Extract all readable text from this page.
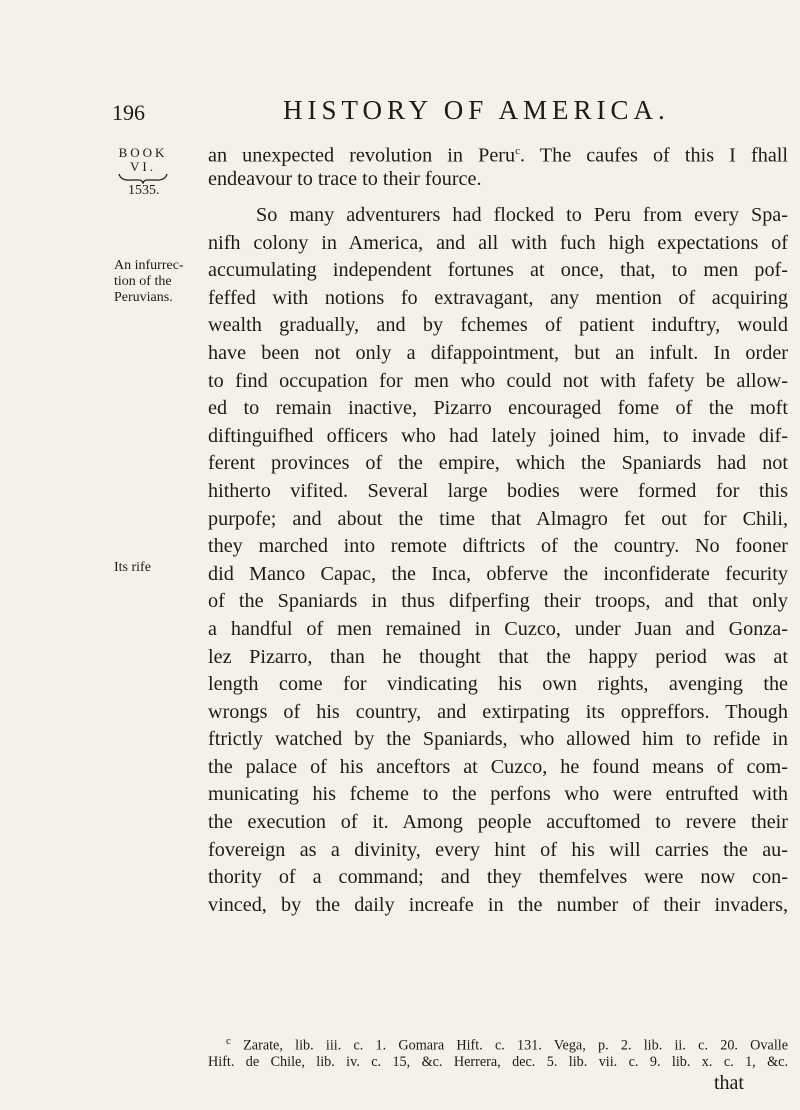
196	HISTORY OF AMERICA.
BOOK VI.
1535.
An infurrec-tion of the Peruvians.
Its rife
an unexpected revolution in Peru$^c$. The caufes of this I fhall
endeavour to trace to their fource.
So many adventurers had flocked to Peru from every Spa-
nifh colony in America, and all with fuch high expectations of
accumulating independent fortunes at once, that, to men pof-
feffed with notions fo extravagant, any mention of acquiring
wealth gradually, and by fchemes of patient induftry, would
have been not only a difappointment, but an infult. In order
to find occupation for men who could not with fafety be allow-
ed to remain inactive, Pizarro encouraged fome of the moft
diftinguifhed officers who had lately joined him, to invade dif-
ferent provinces of the empire, which the Spaniards had not
hitherto vifited. Several large bodies were formed for this
purpofe; and about the time that Almagro fet out for Chili,
they marched into remote diftricts of the country. No fooner
did Manco Capac, the Inca, obferve the inconfiderate fecurity
of the Spaniards in thus difperfing their troops, and that only
a handful of men remained in Cuzco, under Juan and Gonza-
lez Pizarro, than he thought that the happy period was at
length come for vindicating his own rights, avenging the
wrongs of his country, and extirpating its oppreffors. Though
ftrictly watched by the Spaniards, who allowed him to refide in
the palace of his anceftors at Cuzco, he found means of com-
municating his fcheme to the perfons who were entrufted with
the execution of it. Among people accuftomed to revere their
fovereign as a divinity, every hint of his will carries the au-
thority of a command; and they themfelves were now con-
vinced, by the daily increafe in the number of their invaders,
$^c$ Zarate, lib. iii. c. 1. Gomara Hift. c. 131. Vega, p. 2. lib. ii. c. 20. Ovalle
Hift. de Chile, lib. iv. c. 15, &c. Herrera, dec. 5. lib. vii. c. 9. lib. x. c. 1, &c.
that
